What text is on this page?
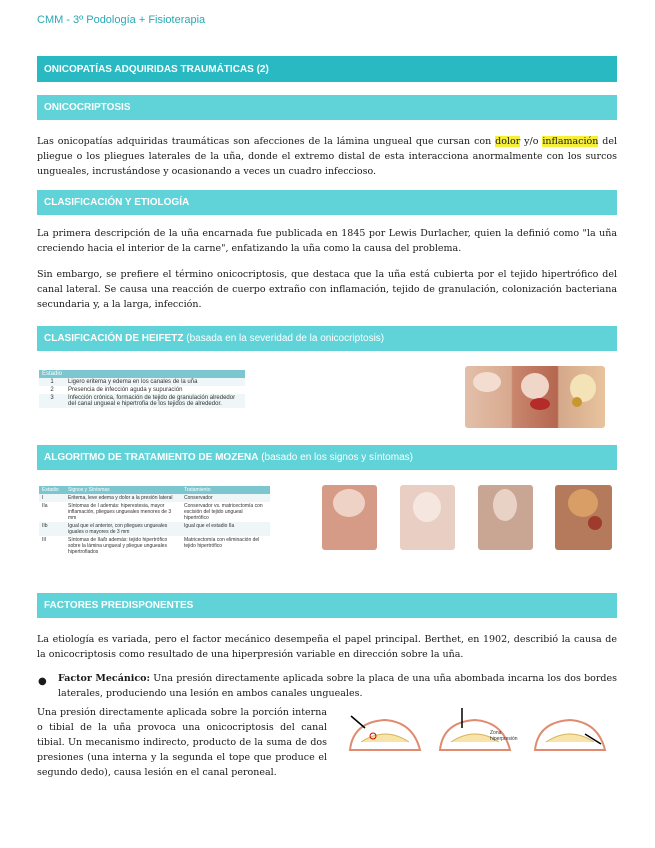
CMM - 3º Podología + Fisioterapia
ONICOPATÍAS ADQUIRIDAS TRAUMÁTICAS (2)
ONICOCRIPTOSIS
Las onicopatías adquiridas traumáticas son afecciones de la lámina ungueal que cursan con dolor y/o inflamación del pliegue o los pliegues laterales de la uña, donde el extremo distal de esta interacciona anormalmente con los surcos ungueales, incrustándose y ocasionando a veces un cuadro infeccioso.
CLASIFICACIÓN Y ETIOLOGÍA
La primera descripción de la uña encarnada fue publicada en 1845 por Lewis Durlacher, quien la definió como "la uña creciendo hacia el interior de la carne", enfatizando la uña como la causa del problema.
Sin embargo, se prefiere el término onicocriptosis, que destaca que la uña está cubierta por el tejido hipertrófico del canal lateral. Se causa una reacción de cuerpo extraño con inflamación, tejido de granulación, colonización bacteriana secundaria y, a la larga, infección.
CLASIFICACIÓN DE HEIFETZ
(basada en la severidad de la onicocriptosis)
Estadio	
1	Ligero eritema y edema en los canales de la uña
2	Presencia de infección aguda y supuración
3	Infección crónica, formación de tejido de granulación alrededor del canal ungueal e hipertrofia de los tejidos de alrededor.
ALGORITMO DE TRATAMIENTO DE MOZENA
(basado en los signos y síntomas)
Estadio	Signos y Síntomas	Tratamiento
I	Eritema, leve edema y dolor a la presión lateral	Conservador
IIa	Síntomas de I además: hiperestesia, mayor inflamación, pliegues ungueales menores de 3 mm	Conservador vs. matricectomía con escisión del tejido ungueal hipertrófico
IIb	Igual que el anterior, con pliegues ungueales iguales o mayores de 3 mm	Igual que el estadio IIa
III	Síntomas de IIa/b además: tejido hipertrófico sobre la lámina ungueal y pliegue ungueales hipertrofiados	Matricectomía con eliminación del tejido hipertrófico
FACTORES PREDISPONENTES
La etiología es variada, pero el factor mecánico desempeña el papel principal. Berthet, en 1902, describió la causa de la onicocriptosis como resultado de una hiperpresión variable en dirección sobre la uña.
● Factor Mecánico: Una presión directamente aplicada sobre la placa de una uña abombada incarna los dos bordes laterales, produciendo una lesión en ambos canales ungueales.
Una presión directamente aplicada sobre la porción interna o tibial de la uña provoca una onicocriptosis del canal tibial. Un mecanismo indirecto, producto de la suma de dos presiones (una interna y la segunda el tope que produce el segundo dedo), causa lesión en el canal peroneal.
Zona
hiperpresión
